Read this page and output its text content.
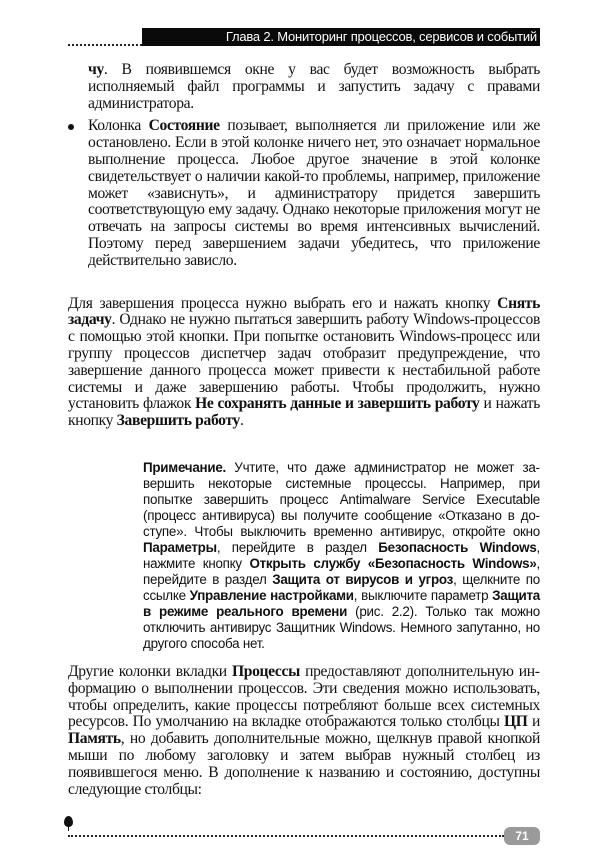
Глава 2. Мониторинг процессов, сервисов и событий

чу. В появившемся окне у вас будет возможность выбрать исполняемый файл программы и запустить задачу с правами администратора.

Колонка Состояние позывает, выполняется ли приложение или же остановлено. Если в этой колонке ничего нет, это означает нормальное выполнение процесса. Любое другое значение в этой колонке свидетельствует о наличии какой-то проблемы, например, приложение может «зависнуть», и администратору придется завершить соответствующую ему задачу. Однако некоторые приложения могут не отвечать на запросы системы во время интенсивных вычислений. Поэтому перед завершением задачи убедитесь, что приложение действительно зависло.

Для завершения процесса нужно выбрать его и нажать кнопку Снять задачу. Однако не нужно пытаться завершить работу Windows-процессов с помощью этой кнопки. При попытке остановить Windows-процесс или группу процессов диспетчер задач отобразит предупреждение, что завершение данного процесса может привести к нестабильной работе системы и даже завершению работы. Чтобы продолжить, нужно установить флажок Не сохранять данные и завершить работу и нажать кнопку Завершить работу.

Примечание. Учтите, что даже администратор не может завершить некоторые системные процессы. Например, при попытке завершить процесс Antimalware Service Executable (процесс антивируса) вы получите сообщение «Отказано в доступе». Чтобы выключить временно антивирус, откройте окно Параметры, перейдите в раздел Безопасность Windows, нажмите кнопку Открыть службу «Безопасность Windows», перейдите в раздел Защита от вирусов и угроз, щелкните по ссылке Управление настройками, выключите параметр Защита в режиме реального времени (рис. 2.2). Только так можно отключить антивирус Защитник Windows. Немного запутанно, но другого способа нет.

Другие колонки вкладки Процессы предоставляют дополнительную информацию о выполнении процессов. Эти сведения можно использовать, чтобы определить, какие процессы потребляют больше всех системных ресурсов. По умолчанию на вкладке отображаются только столбцы ЦП и Память, но добавить дополнительные можно, щелкнув правой кнопкой мыши по любому заголовку и затем выбрав нужный столбец из появившегося меню. В дополнение к названию и состоянию, доступны следующие столбцы:

71
